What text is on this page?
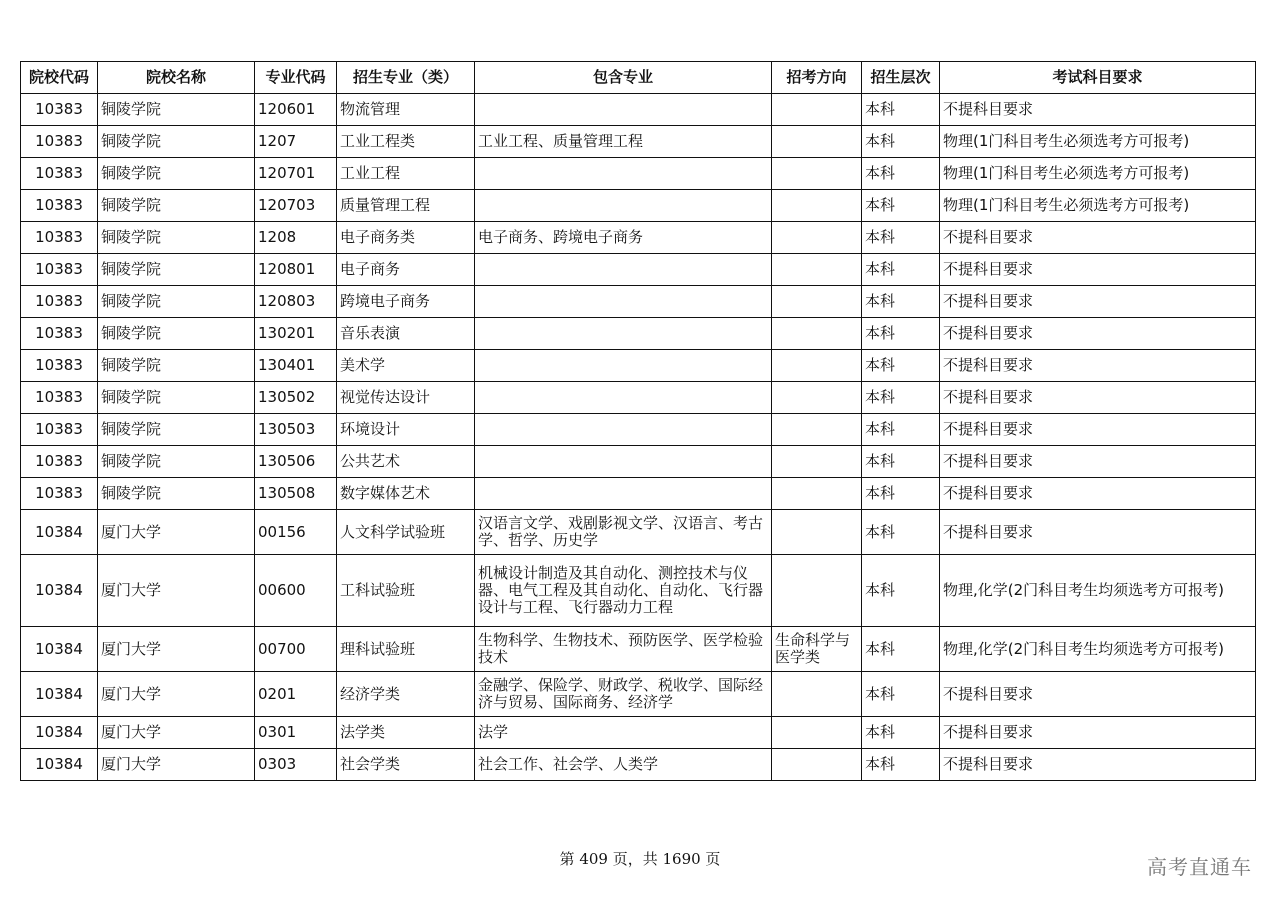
院校代码	院校名称	专业代码	招生专业（类）	包含专业	招考方向	招生层次	考试科目要求
10383	铜陵学院	120601	物流管理			本科	不提科目要求
10383	铜陵学院	1207	工业工程类	工业工程、质量管理工程		本科	物理(1门科目考生必须选考方可报考)
10383	铜陵学院	120701	工业工程			本科	物理(1门科目考生必须选考方可报考)
10383	铜陵学院	120703	质量管理工程			本科	物理(1门科目考生必须选考方可报考)
10383	铜陵学院	1208	电子商务类	电子商务、跨境电子商务		本科	不提科目要求
10383	铜陵学院	120801	电子商务			本科	不提科目要求
10383	铜陵学院	120803	跨境电子商务			本科	不提科目要求
10383	铜陵学院	130201	音乐表演			本科	不提科目要求
10383	铜陵学院	130401	美术学			本科	不提科目要求
10383	铜陵学院	130502	视觉传达设计			本科	不提科目要求
10383	铜陵学院	130503	环境设计			本科	不提科目要求
10383	铜陵学院	130506	公共艺术			本科	不提科目要求
10383	铜陵学院	130508	数字媒体艺术			本科	不提科目要求
10384	厦门大学	00156	人文科学试验班	汉语言文学、戏剧影视文学、汉语言、考古学、哲学、历史学		本科	不提科目要求
10384	厦门大学	00600	工科试验班	机械设计制造及其自动化、测控技术与仪器、电气工程及其自动化、自动化、飞行器设计与工程、飞行器动力工程		本科	物理,化学(2门科目考生均须选考方可报考)
10384	厦门大学	00700	理科试验班	生物科学、生物技术、预防医学、医学检验技术	生命科学与医学类	本科	物理,化学(2门科目考生均须选考方可报考)
10384	厦门大学	0201	经济学类	金融学、保险学、财政学、税收学、国际经济与贸易、国际商务、经济学		本科	不提科目要求
10384	厦门大学	0301	法学类	法学		本科	不提科目要求
10384	厦门大学	0303	社会学类	社会工作、社会学、人类学		本科	不提科目要求
第 409 页，共 1690 页	高考直通车
